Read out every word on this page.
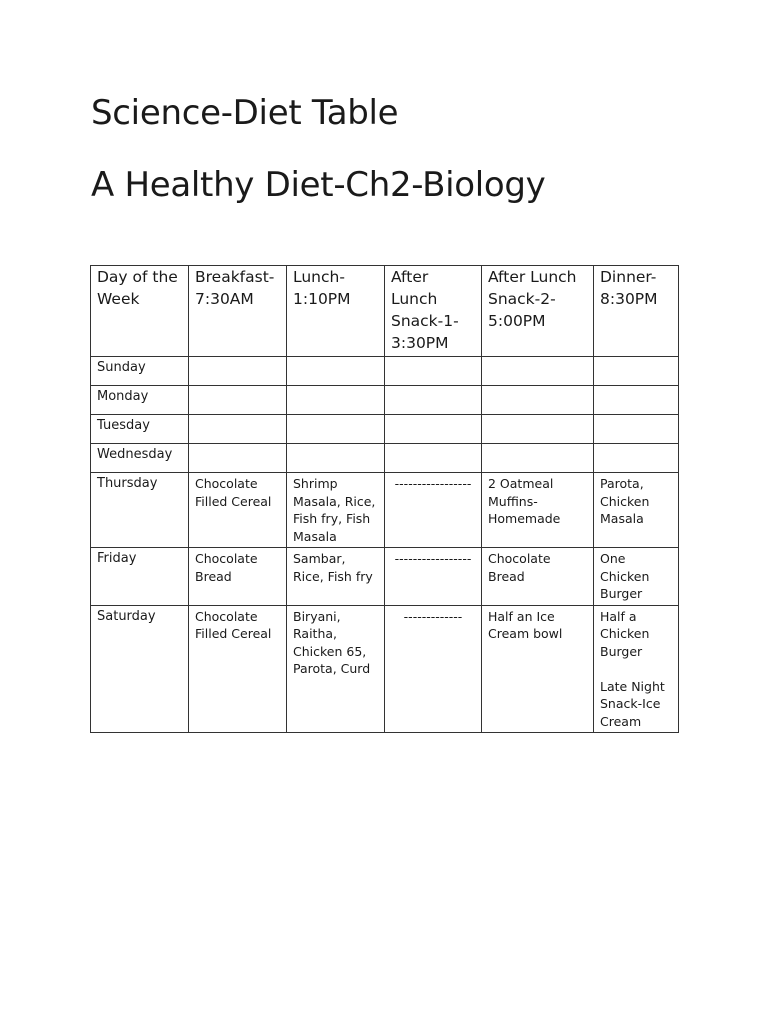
Science-Diet Table
A Healthy Diet-Ch2-Biology
Day of the Week	Breakfast-7:30AM	Lunch-1:10PM	After Lunch Snack-1-3:30PM	After Lunch Snack-2-5:00PM	Dinner-8:30PM
Sunday					
Monday					
Tuesday					
Wednesday					
Thursday	Chocolate Filled Cereal	Shrimp Masala, Rice, Fish fry, Fish Masala	-----------------	2 Oatmeal Muffins-Homemade	Parota, Chicken Masala
Friday	Chocolate Bread	Sambar, Rice, Fish fry	-----------------	Chocolate Bread	One Chicken Burger
Saturday	Chocolate Filled Cereal	Biryani, Raitha, Chicken 65, Parota, Curd	-------------	Half an Ice Cream bowl	Half a Chicken Burger
Late Night Snack-Ice Cream
